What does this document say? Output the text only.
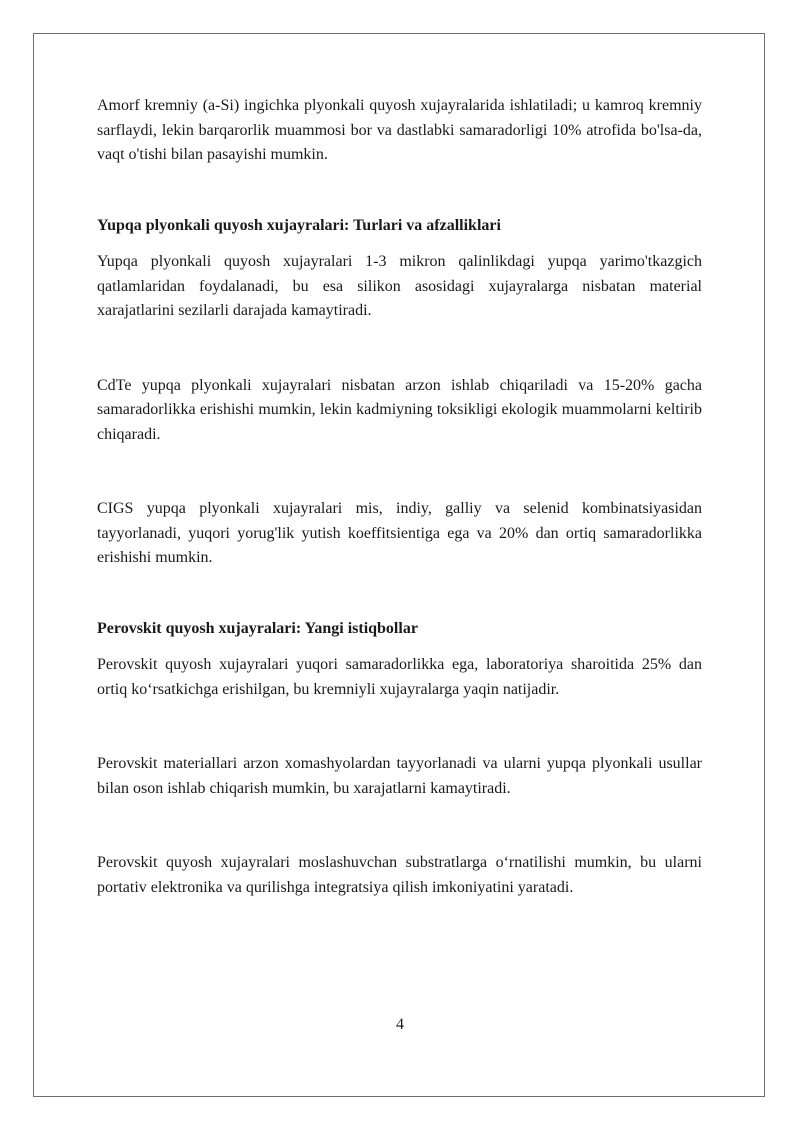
Amorf kremniy (a-Si) ingichka plyonkali quyosh xujayralarida ishlatiladi; u kamroq kremniy sarflaydi, lekin barqarorlik muammosi bor va dastlabki samaradorligi 10% atrofida bo'lsa-da, vaqt o'tishi bilan pasayishi mumkin.

Yupqa plyonkali quyosh xujayralari: Turlari va afzalliklari

Yupqa plyonkali quyosh xujayralari 1-3 mikron qalinlikdagi yupqa yarimo'tkazgich qatlamlaridan foydalanadi, bu esa silikon asosidagi xujayralarga nisbatan material xarajatlarini sezilarli darajada kamaytiradi.

CdTe yupqa plyonkali xujayralari nisbatan arzon ishlab chiqariladi va 15-20% gacha samaradorlikka erishishi mumkin, lekin kadmiyning toksikligi ekologik muammolarni keltirib chiqaradi.

CIGS yupqa plyonkali xujayralari mis, indiy, galliy va selenid kombinatsiyasidan tayyorlanadi, yuqori yorug'lik yutish koeffitsientiga ega va 20% dan ortiq samaradorlikka erishishi mumkin.

Perovskit quyosh xujayralari: Yangi istiqbollar

Perovskit quyosh xujayralari yuqori samaradorlikka ega, laboratoriya sharoitida 25% dan ortiq ko‘rsatkichga erishilgan, bu kremniyli xujayralarga yaqin natijadir.

Perovskit materiallari arzon xomashyolardan tayyorlanadi va ularni yupqa plyonkali usullar bilan oson ishlab chiqarish mumkin, bu xarajatlarni kamaytiradi.

Perovskit quyosh xujayralari moslashuvchan substratlarga o‘rnatilishi mumkin, bu ularni portativ elektronika va qurilishga integratsiya qilish imkoniyatini yaratadi.

4
